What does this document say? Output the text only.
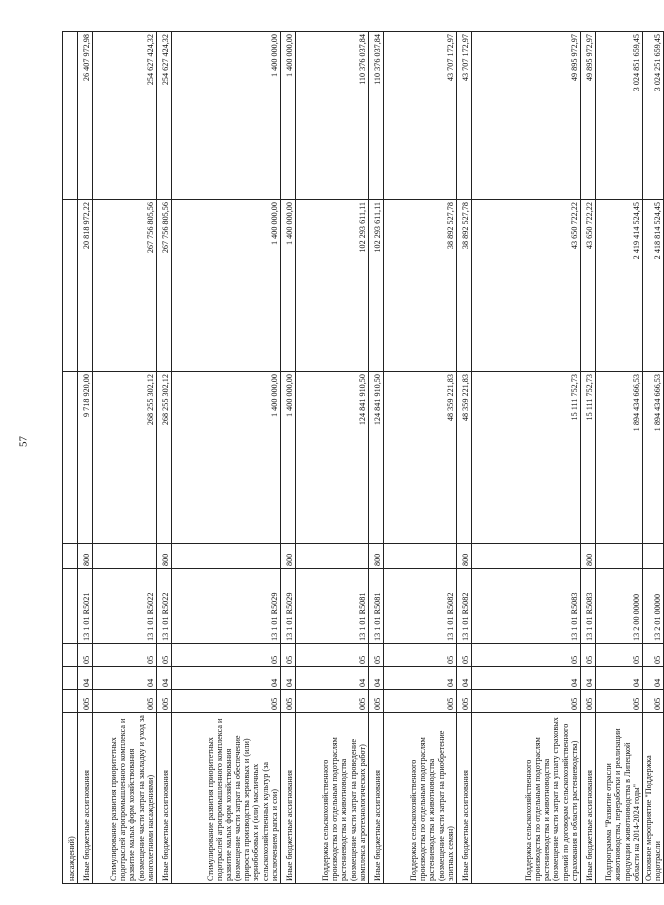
57
насаждений)								
Иные бюджетные ассигнования	005	04	05	13 1 01 R5021	800	9 718 920,00	20 818 972,22	26 407 972,98
Стимулирование развития приоритетных подотраслей агропромышленного комплекса и развитие малых форм хозяйствования (возмещение части затрат на закладку и уход за многолетними насаждениями)	005	04	05	13 1 01 R5022		268 255 302,12	267 756 805,56	254 627 424,32
Иные бюджетные ассигнования	005	04	05	13 1 01 R5022	800	268 255 302,12	267 756 805,56	254 627 424,32
Стимулирование развития приоритетных подотраслей агропромышленного комплекса и развитие малых форм хозяйствования (возмещение части затрат на обеспечение прироста производства зерновых и (или) зернобобовых и (или) масличных сельскохозяйственных культур (за исключением рапса и сои)	005	04	05	13 1 01 R5029		1 400 000,00	1 400 000,00	1 400 000,00
Иные бюджетные ассигнования	005	04	05	13 1 01 R5029	800	1 400 000,00	1 400 000,00	1 400 000,00
Поддержка сельскохозяйственного производства по отдельным подотраслям растениеводства и животноводства (возмещение части затрат на проведение комплекса агротехнологических работ)	005	04	05	13 1 01 R5081		124 841 910,50	102 293 611,11	110 376 037,84
Иные бюджетные ассигнования	005	04	05	13 1 01 R5081	800	124 841 910,50	102 293 611,11	110 376 037,84
Поддержка сельскохозяйственного производства по отдельным подотраслям растениеводства и животноводства (возмещение части затрат на приобретение элитных семян)	005	04	05	13 1 01 R5082		48 359 221,83	38 892 527,78	43 707 172,97
Иные бюджетные ассигнования	005	04	05	13 1 01 R5082	800	48 359 221,83	38 892 527,78	43 707 172,97
Поддержка сельскохозяйственного производства по отдельным подотраслям растениеводства и животноводства (возмещение части затрат на уплату страховых премий по договорам сельскохозяйственного страхования в области растениеводства)	005	04	05	13 1 01 R5083		15 111 752,73	43 650 722,22	49 895 972,97
Иные бюджетные ассигнования	005	04	05	13 1 01 R5083	800	15 111 752,73	43 650 722,22	49 895 972,97
Подпрограмма "Развитие отрасли животноводства, переработки и реализации продукции животноводства в Липецкой области на 2014-2024 годы"	005	04	05	13 2 00 00000		1 894 434 666,53	2 419 414 524,45	3 024 851 659,45
Основное мероприятие "Поддержка подотрасли	005	04	05	13 2 01 00000		1 894 434 666,53	2 418 814 524,45	3 024 251 659,45
